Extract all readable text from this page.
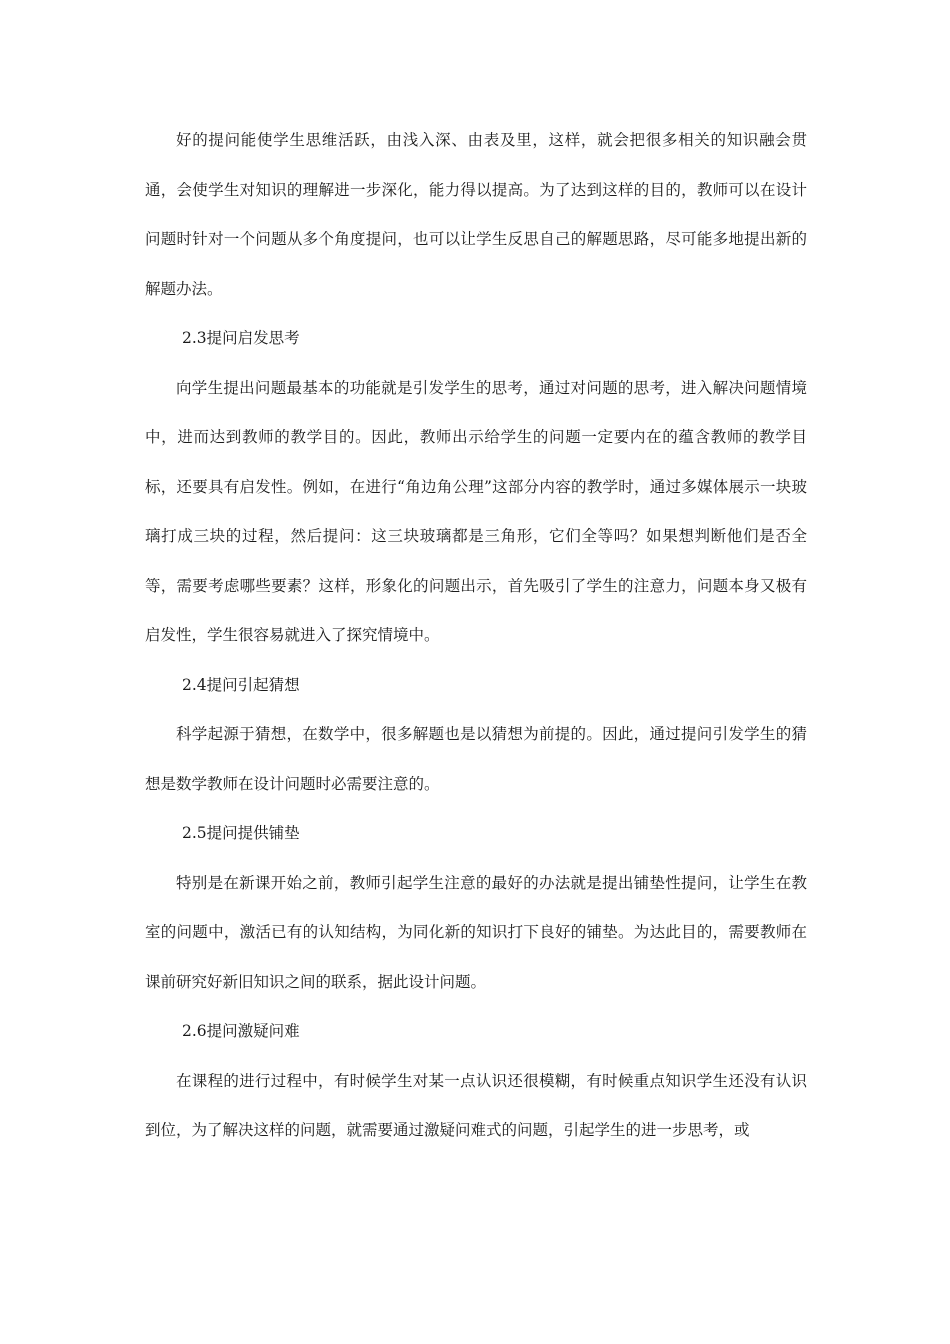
好的提问能使学生思维活跃，由浅入深、由表及里，这样，就会把很多相关的知识融会贯通，会使学生对知识的理解进一步深化，能力得以提高。为了达到这样的目的，教师可以在设计问题时针对一个问题从多个角度提问，也可以让学生反思自己的解题思路，尽可能多地提出新的解题办法。

2.3提问启发思考

向学生提出问题最基本的功能就是引发学生的思考，通过对问题的思考，进入解决问题情境中，进而达到教师的教学目的。因此，教师出示给学生的问题一定要内在的蕴含教师的教学目标，还要具有启发性。例如，在进行“角边角公理”这部分内容的教学时，通过多媒体展示一块玻璃打成三块的过程，然后提问：这三块玻璃都是三角形，它们全等吗？如果想判断他们是否全等，需要考虑哪些要素？这样，形象化的问题出示，首先吸引了学生的注意力，问题本身又极有启发性，学生很容易就进入了探究情境中。

2.4提问引起猜想

科学起源于猜想，在数学中，很多解题也是以猜想为前提的。因此，通过提问引发学生的猜想是数学教师在设计问题时必需要注意的。

2.5提问提供铺垫

特别是在新课开始之前，教师引起学生注意的最好的办法就是提出铺垫性提问，让学生在教室的问题中，激活已有的认知结构，为同化新的知识打下良好的铺垫。为达此目的，需要教师在课前研究好新旧知识之间的联系，据此设计问题。

2.6提问激疑问难

在课程的进行过程中，有时候学生对某一点认识还很模糊，有时候重点知识学生还没有认识到位，为了解决这样的问题，就需要通过激疑问难式的问题，引起学生的进一步思考，或
